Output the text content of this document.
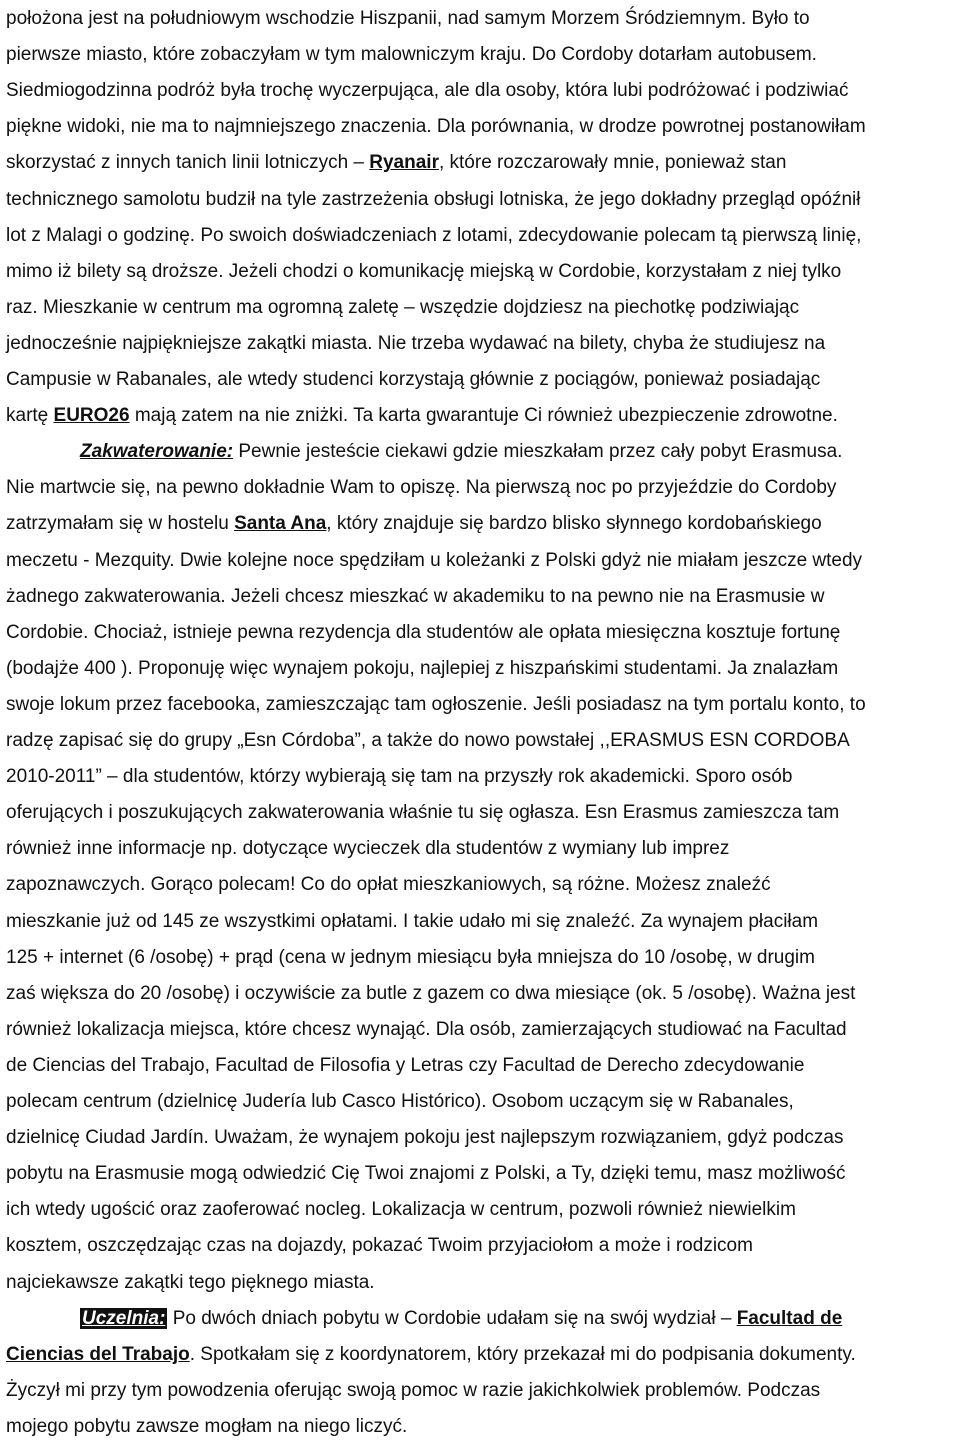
położona jest na południowym wschodzie Hiszpanii, nad samym Morzem Śródziemnym. Było to
pierwsze miasto, które zobaczyłam w tym malowniczym kraju. Do Cordoby dotarłam autobusem.
Siedmiogodzinna podróż była trochę wyczerpująca, ale dla osoby, która lubi podróżować i podziwiać
piękne widoki, nie ma to najmniejszego znaczenia. Dla porównania, w drodze powrotnej postanowiłam
skorzystać z innych tanich linii lotniczych – Ryanair, które rozczarowały mnie, ponieważ stan
technicznego samolotu budził na tyle zastrzeżenia obsługi lotniska, że jego dokładny przegląd opóźnił
lot z Malagi o godzinę. Po swoich doświadczeniach z lotami, zdecydowanie polecam tą pierwszą linię,
mimo iż bilety są droższe. Jeżeli chodzi o komunikację miejską w Cordobie, korzystałam z niej tylko
raz. Mieszkanie w centrum ma ogromną zaletę – wszędzie dojdziesz na piechotkę podziwiając
jednocześnie najpiękniejsze zakątki miasta. Nie trzeba wydawać na bilety, chyba że studiujesz na
Campusie w Rabanales, ale wtedy studenci korzystają głównie z pociągów, ponieważ posiadając
kartę EURO26 mają zatem na nie zniżki. Ta karta gwarantuje Ci również ubezpieczenie zdrowotne.
Zakwaterowanie: Pewnie jesteście ciekawi gdzie mieszkałam przez cały pobyt Erasmusa.
Nie martwcie się, na pewno dokładnie Wam to opiszę. Na pierwszą noc po przyjeździe do Cordoby
zatrzymałam się w hostelu Santa Ana, który znajduje się bardzo blisko słynnego kordobańskiego
meczetu - Mezquity. Dwie kolejne noce spędziłam u koleżanki z Polski gdyż nie miałam jeszcze wtedy
żadnego zakwaterowania. Jeżeli chcesz mieszkać w akademiku to na pewno nie na Erasmusie w
Cordobie. Chociaż, istnieje pewna rezydencja dla studentów ale opłata miesięczna kosztuje fortunę
(bodajże 400 ). Proponuję więc wynajem pokoju, najlepiej z hiszpańskimi studentami. Ja znalazłam
swoje lokum przez facebooka, zamieszczając tam ogłoszenie. Jeśli posiadasz na tym portalu konto, to
radzę zapisać się do grupy „Esn Córdoba”, a także do nowo powstałej ,,ERASMUS ESN CORDOBA
2010-2011” – dla studentów, którzy wybierają się tam na przyszły rok akademicki. Sporo osób
oferujących i poszukujących zakwaterowania właśnie tu się ogłasza. Esn Erasmus zamieszcza tam
również inne informacje np. dotyczące wycieczek dla studentów z wymiany lub imprez
zapoznawczych. Gorąco polecam! Co do opłat mieszkaniowych, są różne. Możesz znaleźć
mieszkanie już od 145 ze wszystkimi opłatami. I takie udało mi się znaleźć. Za wynajem płaciłam
125 + internet (6 /osobę) + prąd (cena w jednym miesiącu była mniejsza do 10 /osobę, w drugim
zaś większa do 20 /osobę) i oczywiście za butle z gazem co dwa miesiące (ok. 5 /osobę). Ważna jest
również lokalizacja miejsca, które chcesz wynająć. Dla osób, zamierzających studiować na Facultad
de Ciencias del Trabajo, Facultad de Filosofia y Letras czy Facultad de Derecho zdecydowanie
polecam centrum (dzielnicę Judería lub Casco Histórico). Osobom uczącym się w Rabanales,
dzielnicę Ciudad Jardín. Uważam, że wynajem pokoju jest najlepszym rozwiązaniem, gdyż podczas
pobytu na Erasmusie mogą odwiedzić Cię Twoi znajomi z Polski, a Ty, dzięki temu, masz możliwość
ich wtedy ugościć oraz zaoferować nocleg. Lokalizacja w centrum, pozwoli również niewielkim
kosztem, oszczędzając czas na dojazdy, pokazać Twoim przyjaciołom a może i rodzicom
najciekawsze zakątki tego pięknego miasta.
Uczelnia: Po dwóch dniach pobytu w Cordobie udałam się na swój wydział – Facultad de
Ciencias del Trabajo. Spotkałam się z koordynatorem, który przekazał mi do podpisania dokumenty.
Życzył mi przy tym powodzenia oferując swoją pomoc w razie jakichkolwiek problemów. Podczas
mojego pobytu zawsze mogłam na niego liczyć.
